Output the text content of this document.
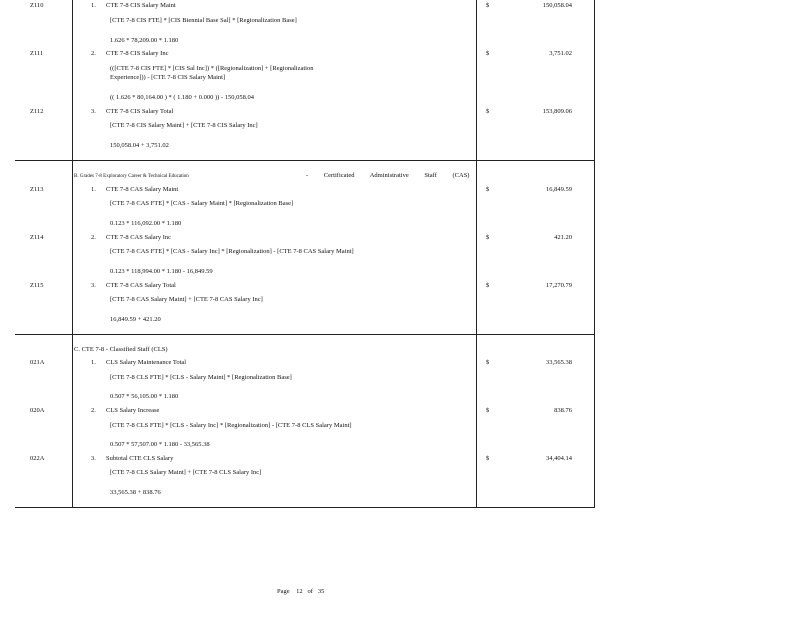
Z110	1. CTE 7-8 CIS Salary Maint
[CTE 7-8 CIS FTE] * [CIS Biennial Base Sal] * [Regionalization Base]
1.626 * 78,209.00 * 1.180
$	150,058.04
Z111	2. CTE 7-8 CIS Salary Inc
(([CTE 7-8 CIS FTE] * [CIS Sal Inc]) * ([Regionalization] + [Regionalization
Experience])) - [CTE 7-8 CIS Salary Maint]
(( 1.626 * 80,164.00 ) * ( 1.180 + 0.000 )) - 150,058.04
$	3,751.02
Z112	3. CTE 7-8 CIS Salary Total
[CTE 7-8 CIS Salary Maint] + [CTE 7-8 CIS Salary Inc]
150,058.04 + 3,751.02
$	153,809.06
B. Grades 7-8 Exploratory Career & Technical Education	- Certificated Administrative Staff (CAS)
Z113	1. CTE 7-8 CAS Salary Maint
[CTE 7-8 CAS FTE] * [CAS - Salary Maint] * [Regionalization Base]
0.123 * 116,092.00 * 1.180
$	16,849.59
Z114	2. CTE 7-8 CAS Salary Inc
[CTE 7-8 CAS FTE] * [CAS - Salary Inc] * [Regionalization] - [CTE 7-8 CAS Salary Maint]
0.123 * 118,994.00 * 1.180 - 16,849.59
$	421.20
Z115	3. CTE 7-8 CAS Salary Total
[CTE 7-8 CAS Salary Maint] + [CTE 7-8 CAS Salary Inc]
16,849.59 + 421.20
$	17,270.79
C. CTE 7-8 - Classified Staff (CLS)
021A	1. CLS Salary Maintenance Total
[CTE 7-8 CLS FTE] * [CLS - Salary Maint] * [Regionalization Base]
0.507 * 56,105.00 * 1.180
$	33,565.38
020A	2. CLS Salary Increase
[CTE 7-8 CLS FTE] * [CLS - Salary Inc] * [Regionalization] - [CTE 7-8 CLS Salary Maint]
0.507 * 57,507.00 * 1.180 - 33,565.38
$	838.76
022A	3. Subtotal CTE CLS Salary
[CTE 7-8 CLS Salary Maint] + [CTE 7-8 CLS Salary Inc]
33,565.38 + 838.76
$	34,404.14
Page 12 of 35
